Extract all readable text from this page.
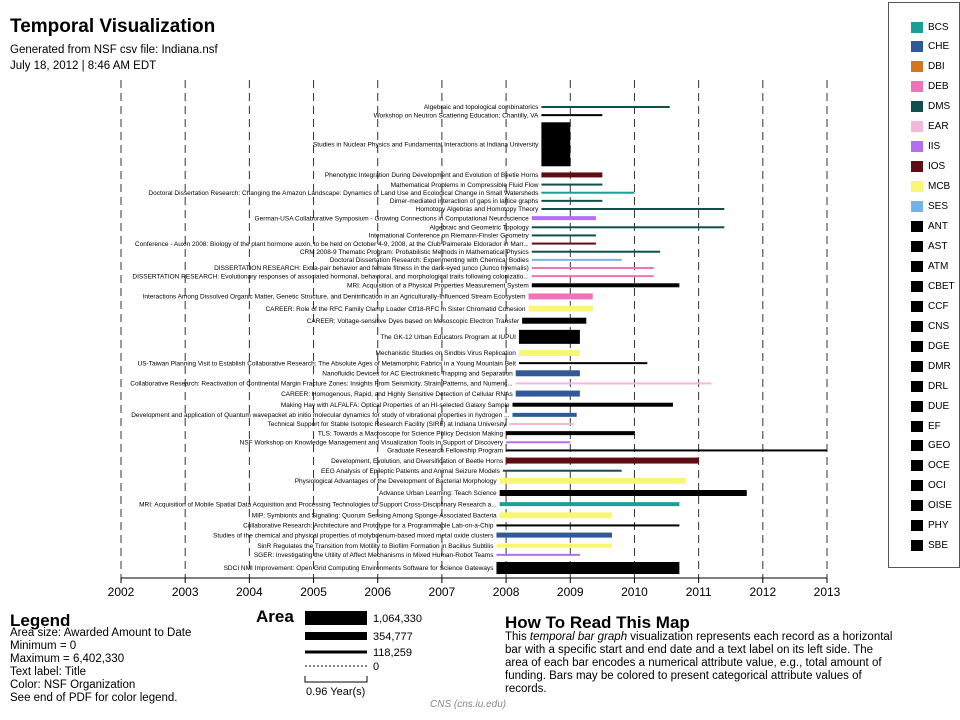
2002	2003	2004	2005	2006	2007	2008	2009	2010	2011	2012	2013
Algebraic and topological combinatorics
Workshop on Neutron Scattering Education; Chantilly, VA
Studies in Nuclear Physics and Fundamental Interactions at Indiana University
Phenotypic Integration During Development and Evolution of Beetle Horns
Mathematical Problems in Compressible Fluid Flow
Doctoral Dissertation Research: Changing the Amazon Landscape: Dynamics of Land Use and Ecological Change in Small Watersheds
Dimer-mediated interaction of gaps in lattice graphs
Homotopy Algebras and Homotopy Theory
German-USA Collaborative Symposium - Growing Connections in Computational Neuroscience
Algebraic and Geometric Topology
International Conference on Riemann-Finsler Geometry
Conference - Auxin 2008: Biology of the plant hormone auxin, to be held on October 4-9, 2008, at the Club Palmerale Eldorador in Marr...
CRM 2008-9 Thematic Program: Probabilistic Methods in Mathematical Physics
Doctoral Dissertation Research: Experimenting with Chemical Bodies
DISSERTATION RESEARCH: Extra-pair behavior and female fitness in the dark-eyed junco (Junco hyemalis)
DISSERTATION RESEARCH: Evolutionary responses of associated hormonal, behavioral, and morphological traits following colonizatio...
MRI: Acquisition of a Physical Properties Measurement System
Interactions Among Dissolved Organic Matter, Genetic Structure, and Denitrification in an Agriculturally-Influenced Stream Ecosystem
CAREER: Role of the RFC Family Clamp Loader Ctf18-RFC in Sister Chromatid Cohesion
CAREER: Voltage-sensitive Dyes based on Mesoscopic Electron Transfer
The GK-12 Urban Educators Program at IUPUI
Mechanistic Studies on Sindbis Virus Replication
US-Taiwan Planning Visit to Establish Collaborative Research: The Absolute Ages of Metamorphic Fabrics in a Young Mountain Belt
Nanofluidic Devices for AC Electrokinetic Trapping and Separation
Collaborative Research: Reactivation of Continental Margin Fracture Zones: Insights From Seismicity, Strain Patterns, and Numeric...
CAREER: Homogenous, Rapid, and Highly Sensitive Detection of Cellular RNAs
Making Hay with ALFALFA: Optical Properties of an HI-selected Galaxy Sample
Development and application of Quantum wavepacket ab initio molecular dynamics for study of vibrational properties in hydrogen ...
Technical Support for Stable Isotopic Research Facility (SIRF) at Indiana University
TLS: Towards a Macroscope for Science Policy Decision Making
NSF Workshop on Knowledge Management and Visualization Tools in Support of Discovery
Graduate Research Fellowship Program
Development, Evolution, and Diversification of Beetle Horns
EEG Analysis of Epileptic Patients and Animal Seizure Models
Physiological Advantages of the Development of Bacterial Morphology
Advance Urban Learning: Teach Science
MRI: Acquisition of Mobile Spatial Data Acquisition and Processing Technologies to Support Cross-Disciplinary Research a...
MIP: Symbionts and Signaling: Quorum Sensing Among Sponge-Associated Bacteria
Collaborative Research: Architecture and Prototype for a Programmable Lab-on-a-Chip
Studies of the chemical and physical properties of molybdenum-based mixed metal oxide clusters
SinR Regulates the Transition from Motility to Biofilm Formation in Bacillus Subtilis
SGER: Investigating the Utility of Affect Mechanisms in Mixed Human-Robot Teams
SDCI NMI Improvement: Open Grid Computing Environments Software for Science Gateways
1,064,330
354,777
118,259
0
0.96 Year(s)
Temporal Visualization
Generated from NSF csv file: Indiana.nsf
July 18, 2012 | 8:46 AM EDT
BCS
CHE
DBI
DEB
DMS
EAR
IIS
IOS
MCB
SES
ANT
AST
ATM
CBET
CCF
CNS
DGE
DMR
DRL
DUE
EF
GEO
OCE
OCI
OISE
PHY
SBE
Legend
Area size: Awarded Amount to Date
Minimum = 0
Maximum = 6,402,330
Text label: Title
Color: NSF Organization
See end of PDF for color legend.
Area	How To Read This Map
This temporal bar graph visualization represents each record as a horizontal bar with a specific start and end date and a text label on its left side. The area of each bar encodes a numerical attribute value, e.g., total amount of funding. Bars may be colored to present categorical attribute values of records.
CNS (cns.iu.edu)
